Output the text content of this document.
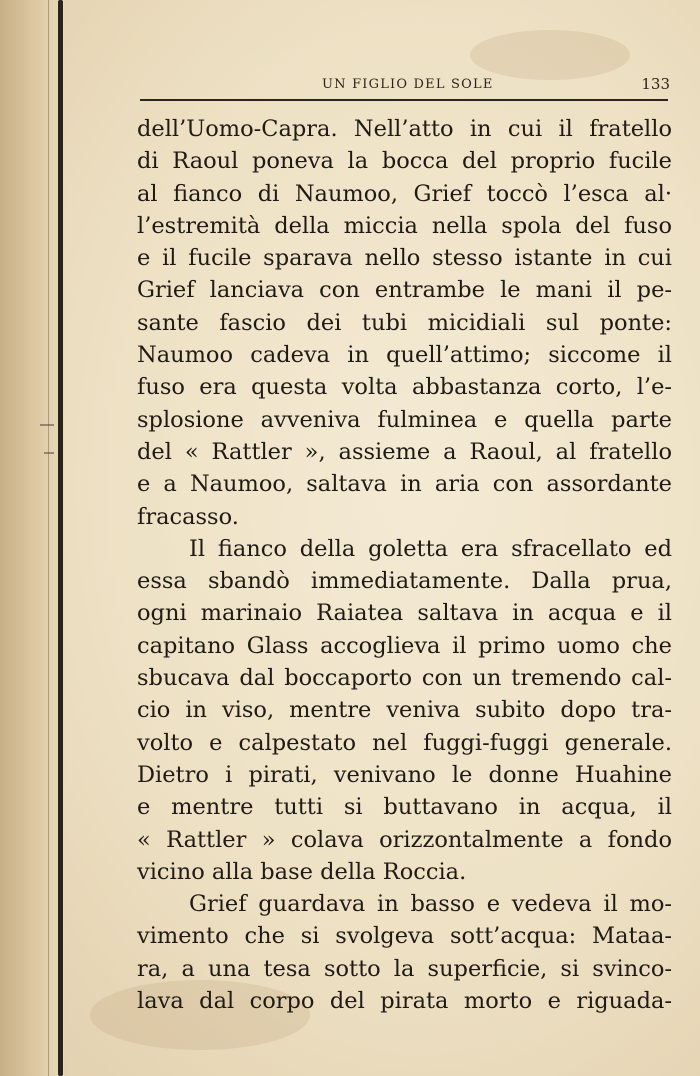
UN FIGLIO DEL SOLE	133
dell’Uomo-Capra. Nell’atto in cui il fratello
di Raoul poneva la bocca del proprio fucile
al fianco di Naumoo, Grief toccò l’esca al·
l’estremità della miccia nella spola del fuso
e il fucile sparava nello stesso istante in cui
Grief lanciava con entrambe le mani il pe-
sante fascio dei tubi micidiali sul ponte:
Naumoo cadeva in quell’attimo; siccome il
fuso era questa volta abbastanza corto, l’e-
splosione avveniva fulminea e quella parte
del « Rattler », assieme a Raoul, al fratello
e a Naumoo, saltava in aria con assordante
fracasso.
Il fianco della goletta era sfracellato ed
essa sbandò immediatamente. Dalla prua,
ogni marinaio Raiatea saltava in acqua e il
capitano Glass accoglieva il primo uomo che
sbucava dal boccaporto con un tremendo cal-
cio in viso, mentre veniva subito dopo tra-
volto e calpestato nel fuggi-fuggi generale.
Dietro i pirati, venivano le donne Huahine
e mentre tutti si buttavano in acqua, il
« Rattler » colava orizzontalmente a fondo
vicino alla base della Roccia.
Grief guardava in basso e vedeva il mo-
vimento che si svolgeva sott’acqua: Mataa-
ra, a una tesa sotto la superficie, si svinco-
lava dal corpo del pirata morto e riguada-
